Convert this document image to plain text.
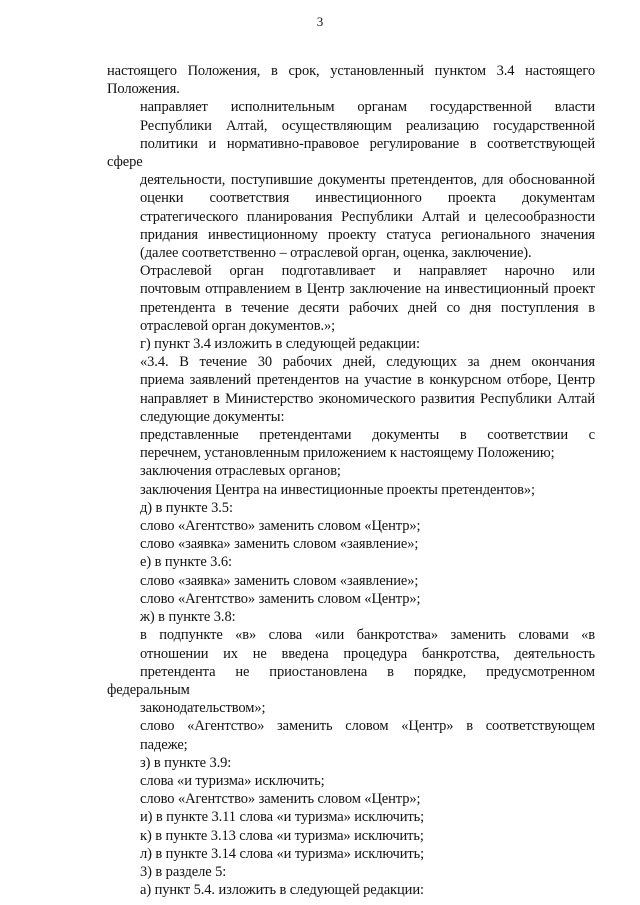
3

настоящего Положения, в срок, установленный пунктом 3.4 настоящего
Положения.

направляет исполнительным органам государственной власти
Республики Алтай, осуществляющим реализацию государственной
политики и нормативно-правовое регулирование в соответствующей сфере
деятельности, поступившие документы претендентов, для обоснованной
оценки соответствия инвестиционного проекта документам
стратегического планирования Республики Алтай и целесообразности
придания инвестиционному проекту статуса регионального значения
(далее соответственно – отраслевой орган, оценка, заключение).

Отраслевой орган подготавливает и направляет нарочно или
почтовым отправлением в Центр заключение на инвестиционный проект
претендента в течение десяти рабочих дней со дня поступления в
отраслевой орган документов.»;

г) пункт 3.4 изложить в следующей редакции:

«3.4. В течение 30 рабочих дней, следующих за днем окончания
приема заявлений претендентов на участие в конкурсном отборе, Центр
направляет в Министерство экономического развития Республики Алтай
следующие документы:

представленные претендентами документы в соответствии с
перечнем, установленным приложением к настоящему Положению;

заключения отраслевых органов;

заключения Центра на инвестиционные проекты претендентов»;

д) в пункте 3.5:

слово «Агентство» заменить словом «Центр»;

слово «заявка» заменить словом «заявление»;

е) в пункте 3.6:

слово «заявка» заменить словом «заявление»;

слово «Агентство» заменить словом «Центр»;

ж) в пункте 3.8:

в подпункте «в» слова «или банкротства» заменить словами «в
отношении их не введена процедура банкротства, деятельность
претендента не приостановлена в порядке, предусмотренном федеральным
законодательством»;

слово «Агентство» заменить словом «Центр» в соответствующем
падеже;

з) в пункте 3.9:

слова «и туризма» исключить;

слово «Агентство» заменить словом «Центр»;

и) в пункте 3.11 слова «и туризма» исключить;

к) в пункте 3.13 слова «и туризма» исключить;

л) в пункте 3.14 слова «и туризма» исключить;

3) в разделе 5:

а) пункт 5.4. изложить в следующей редакции:
